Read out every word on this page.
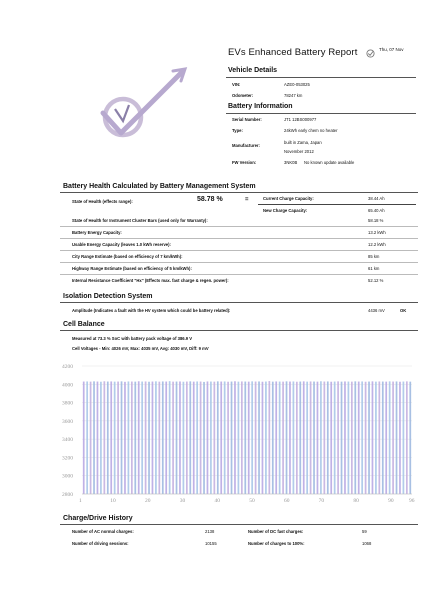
EVs Enhanced Battery Report	Thu, 07 Nov
Vehicle Details
VIN:	AZE0-053025
Odometer:	78247 km
Battery Information
Serial Number:	JT1 12BS000977
Type:	24kWh early chem no heater
Manufacturer:
built in Zama, Japan
November 2012
FW Version:	3NK0B No known update available
Battery Health Calculated by Battery Management System
State of Health (effects range):	58.78 %	=	Current Charge Capacity:	38.44 Ah
New Charge Capacity:	65.40 Ah
State of Health for Instrument Cluster Bars (used only for Warranty):	58.18 %
Battery Energy Capacity:	13.2 kWh
Usable Energy Capacity (leaves 1.0 kWh reserve):	12.2 kWh
City Range Estimate (based on efficiency of 7 km/kWh):	85 km
Highway Range Estimate (based on efficiency of 5 km/kWh):	61 km
Internal Resistance Coefficient "Hx" (Effects max. fast charge & regen. power):	52.12 %
Isolation Detection System
Amplitude (Indicates a fault with the HV system which could be battery related):	4436 mV	OK
Cell Balance
Measured at 73.3 % SoC with battery pack voltage of 386.9 V
Cell Voltages - Min: 4026 mV, Max: 4035 mV, Avg: 4030 mV, Diff: 9 mV
2800
3000
3200
3400
3600
3800
4000
4200
1	10	20	30	40	50	60	70	80	90	96
Charge/Drive History
Number of AC normal charges:	2138	Number of DC fast charges:	59
Number of driving sessions:	10155	Number of charges to 100%:	1068
